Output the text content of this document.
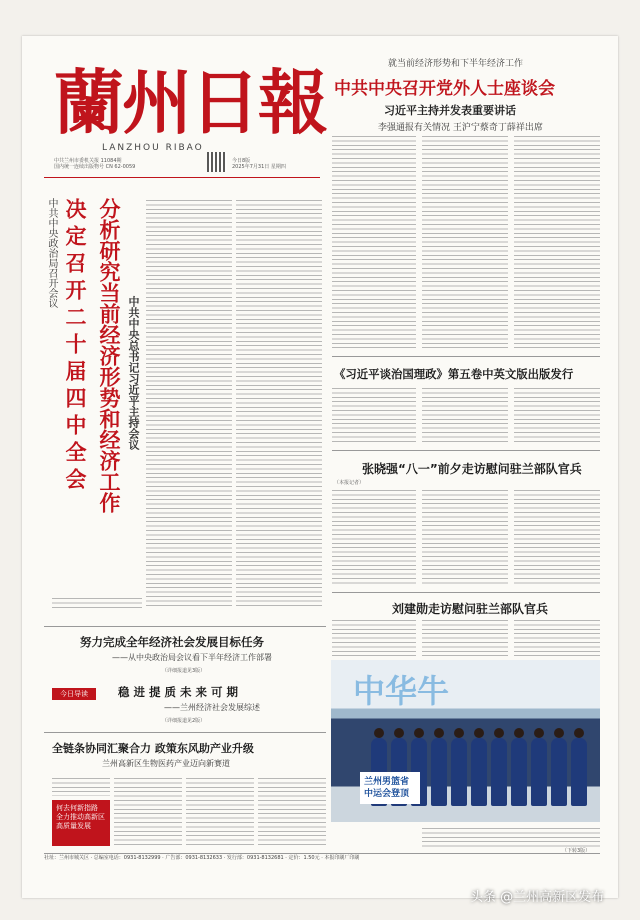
蘭州日報
LANZHOU RIBAO
中共兰州市委机关报 11084期
国内统一连续出版物号 CN 62-0059
今日8版
2025年7月31日 星期四
就当前经济形势和下半年经济工作
中共中央召开党外人士座谈会
习近平主持并发表重要讲话
李强通报有关情况 王沪宁蔡奇丁薛祥出席
中共中央政治局召开会议 决定召开二十届四中全会 分析研究当前经济形势和经济工作 中共中央总书记习近平主持会议	《习近平谈治国理政》第五卷中英文版出版发行
张晓强“八一”前夕走访慰问驻兰部队官兵
（本报记者）
刘建勋走访慰问驻兰部队官兵
努力完成全年经济社会发展目标任务
——从中央政治局会议看下半年经济工作部署
（详细报道见3版）
今日导读	稳 进 提 质 未 来 可 期
——兰州经济社会发展综述
（详细报道见2版）
全链条协同汇聚合力 政策东风助产业升级
兰州高新区生物医药产业迈向新赛道
何去何新指路 全力推动高新区高质量发展
中华牛
兰州男篮省中运会登顶
（下转3版）
社址：兰州市城关区 · 总编室电话：0931-8132999 · 广告部：0931-8132633 · 发行部：0931-8132681 · 定价：1.50元 · 本报印刷厂印刷
头条 @兰州高新区发布
